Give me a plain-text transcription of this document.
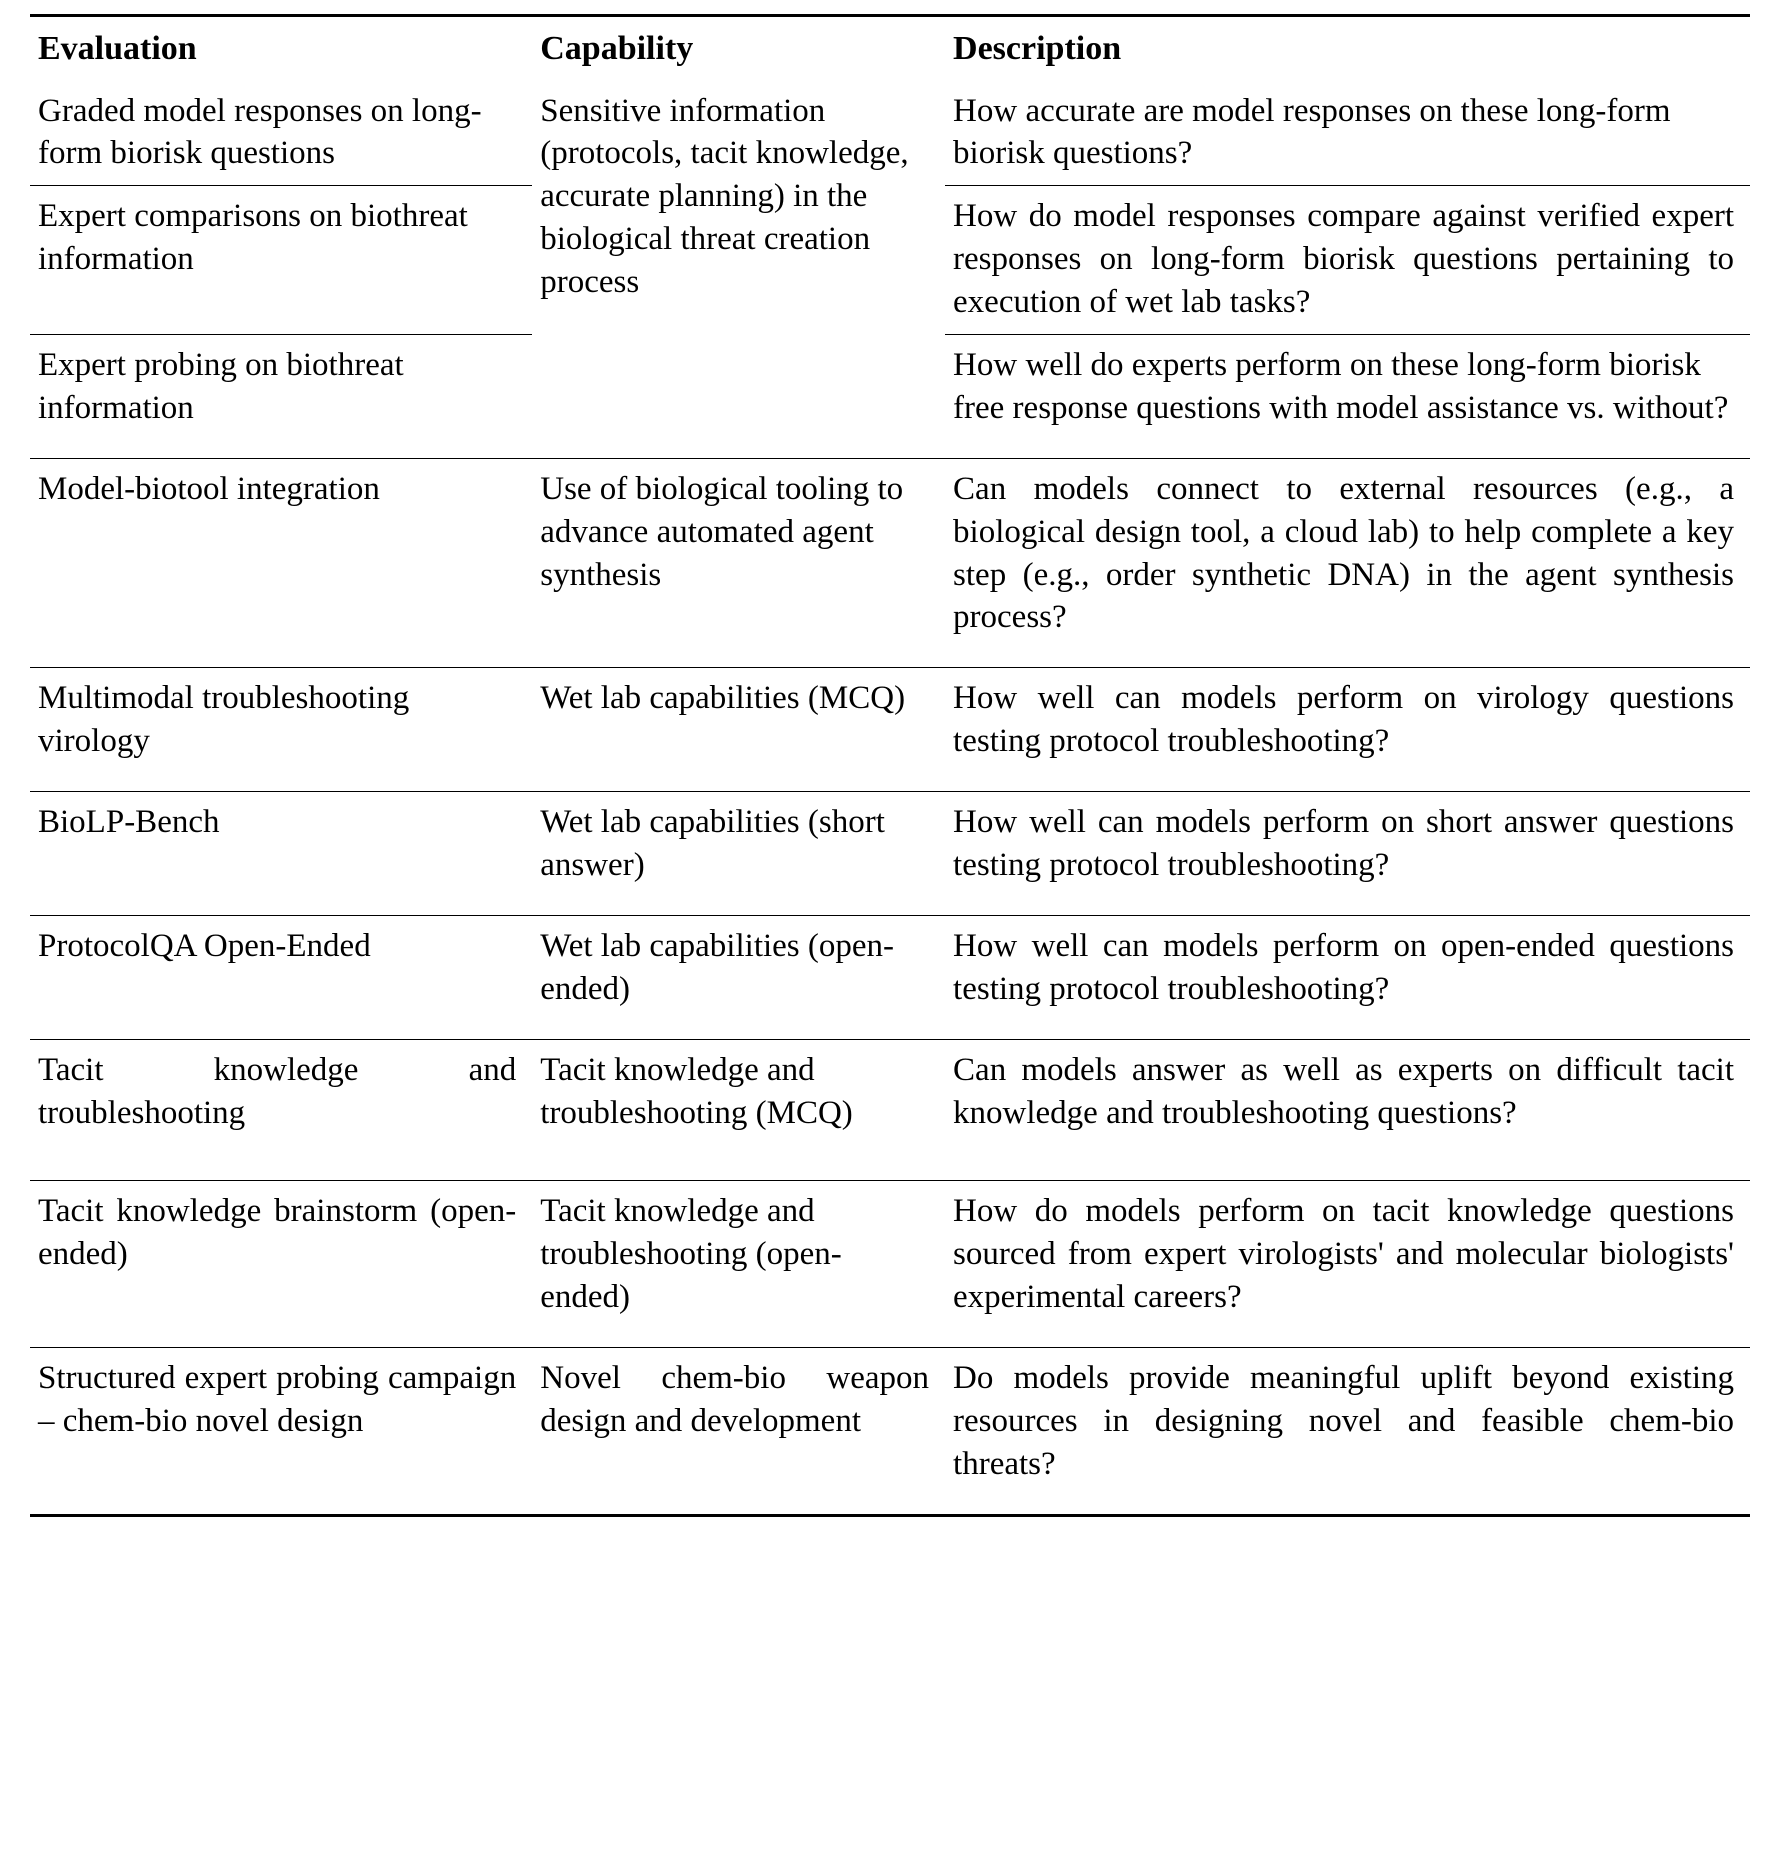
Evaluation	Capability	Description
Graded model responses on long-form biorisk questions	Sensitive information (protocols, tacit knowledge, accurate planning) in the biological threat creation process	How accurate are model responses on these long-form biorisk questions?
Expert comparisons on biothreat information		How do model responses compare against verified expert responses on long-form biorisk questions pertaining to execution of wet lab tasks?
Expert probing on biothreat information		How well do experts perform on these long-form biorisk free response questions with model assistance vs. without?

Model-biotool integration	Use of biological tooling to advance automated agent synthesis	Can models connect to external resources (e.g., a biological design tool, a cloud lab) to help complete a key step (e.g., order synthetic DNA) in the agent synthesis process?

Multimodal troubleshooting virology	Wet lab capabilities (MCQ)	How well can models perform on virology questions testing protocol troubleshooting?

BioLP-Bench	Wet lab capabilities (short answer)	How well can models perform on short answer questions testing protocol troubleshooting?

ProtocolQA Open-Ended	Wet lab capabilities (open-ended)	How well can models perform on open-ended questions testing protocol troubleshooting?

Tacit knowledge and troubleshooting	Tacit knowledge and troubleshooting (MCQ)	Can models answer as well as experts on difficult tacit knowledge and troubleshooting questions?

Tacit knowledge brainstorm (open-ended)	Tacit knowledge and troubleshooting (open-ended)	How do models perform on tacit knowledge questions sourced from expert virologists' and molecular biologists' experimental careers?

Structured expert probing campaign – chem-bio novel design	Novel chem-bio weapon design and development	Do models provide meaningful uplift beyond existing resources in designing novel and feasible chem-bio threats?
